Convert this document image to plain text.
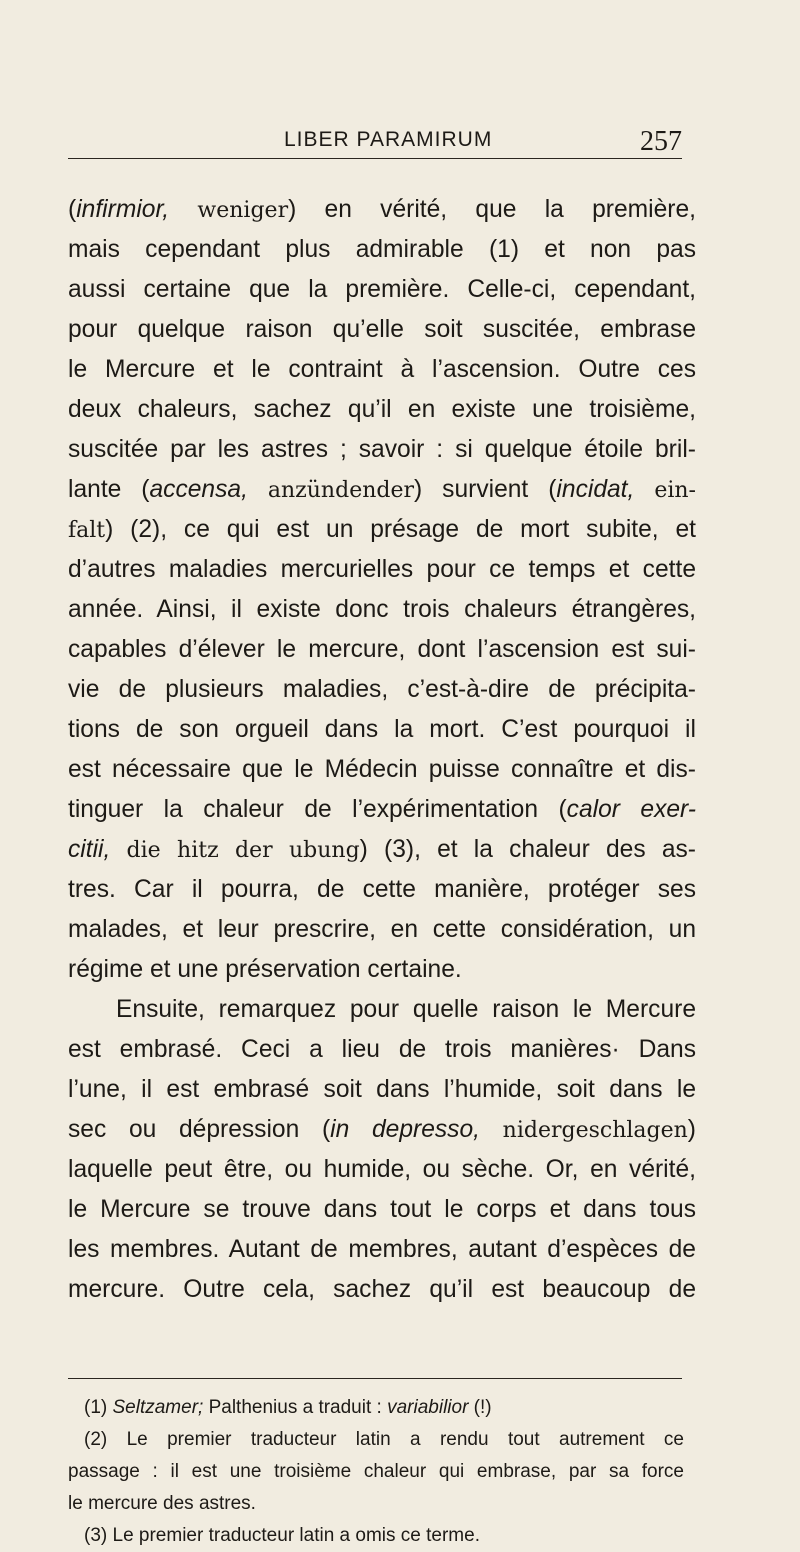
LIBER PARAMIRUM	257
(infirmior, weniger) en vérité, que la première,
mais cependant plus admirable (1) et non pas
aussi certaine que la première. Celle-ci, cependant,
pour quelque raison qu’elle soit suscitée, embrase
le Mercure et le contraint à l’ascension. Outre ces
deux chaleurs, sachez qu’il en existe une troisième,
suscitée par les astres ; savoir : si quelque étoile bril-
lante (accensa, anzündender) survient (incidat, ein-
falt) (2), ce qui est un présage de mort subite, et
d’autres maladies mercurielles pour ce temps et cette
année. Ainsi, il existe donc trois chaleurs étrangères,
capables d’élever le mercure, dont l’ascension est sui-
vie de plusieurs maladies, c’est-à-dire de précipita-
tions de son orgueil dans la mort. C’est pourquoi il
est nécessaire que le Médecin puisse connaître et dis-
tinguer la chaleur de l’expérimentation (calor exer-
citii, die hitz der ubung) (3), et la chaleur des as-
tres. Car il pourra, de cette manière, protéger ses
malades, et leur prescrire, en cette considération, un
régime et une préservation certaine.
Ensuite, remarquez pour quelle raison le Mercure
est embrasé. Ceci a lieu de trois manières· Dans
l’une, il est embrasé soit dans l’humide, soit dans le
sec ou dépression (in depresso, nidergeschlagen)
laquelle peut être, ou humide, ou sèche. Or, en vérité,
le Mercure se trouve dans tout le corps et dans tous
les membres. Autant de membres, autant d’espèces de
mercure. Outre cela, sachez qu’il est beaucoup de
(1) Seltzamer; Palthenius a traduit : variabilior (!)
(2) Le premier traducteur latin a rendu tout autrement ce
passage : il est une troisième chaleur qui embrase, par sa force
le mercure des astres.
(3) Le premier traducteur latin a omis ce terme.
